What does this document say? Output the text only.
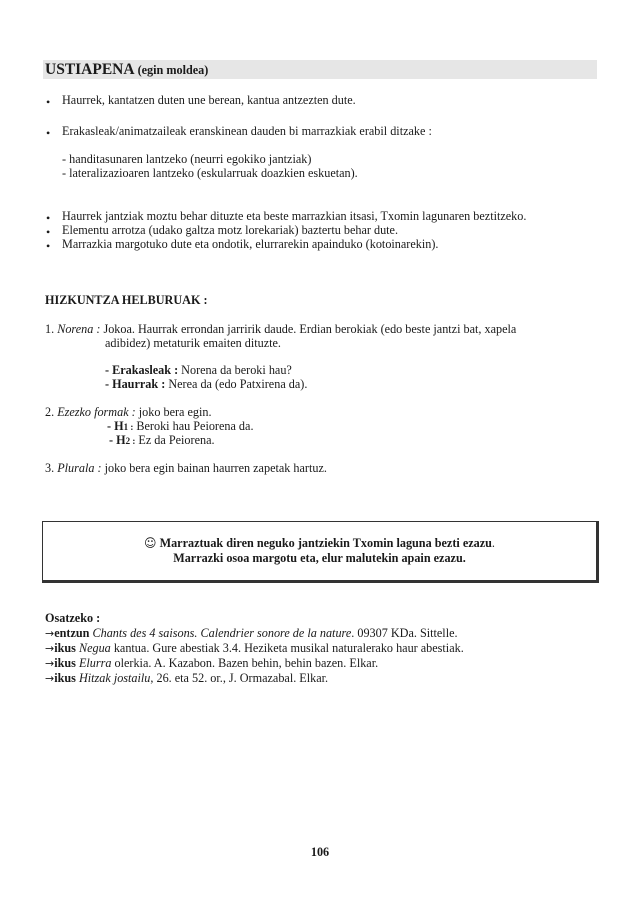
USTIAPENA (egin moldea)
• Haurrek, kantatzen duten une berean, kantua antzezten dute.
• Erakasleak/animatzaileak eranskinean dauden bi marrazkiak erabil ditzake :
- handitasunaren lantzeko (neurri egokiko jantziak)
- lateralizazioaren lantzeko (eskularruak doazkien eskuetan).
• Haurrek jantziak moztu behar dituzte eta beste marrazkian itsasi, Txomin lagunaren beztitzeko.
• Elementu arrotza (udako galtza motz lorekariak) baztertu behar dute.
• Marrazkia margotuko dute eta ondotik, elurrarekin apainduko (kotoinarekin).
HIZKUNTZA HELBURUAK :
1. Norena : Jokoa. Haurrak errondan jarririk daude. Erdian berokiak (edo beste jantzi bat, xapela
adibidez) metaturik emaiten dituzte.
- Erakasleak : Norena da beroki hau?
- Haurrak : Nerea da (edo Patxirena da).
2. Ezezko formak : joko bera egin.
- H1 : Beroki hau Peiorena da.
- H2 : Ez da Peiorena.
3. Plurala : joko bera egin bainan haurren zapetak hartuz.
☺ Marraztuak diren neguko jantziekin Txomin laguna bezti ezazu.
Marrazki osoa margotu eta, elur malutekin apain ezazu.
Osatzeko :
→entzun Chants des 4 saisons. Calendrier sonore de la nature. 09307 KDa. Sittelle.
→ikus Negua kantua. Gure abestiak 3.4. Heziketa musikal naturalerako haur abestiak.
→ikus Elurra olerkia. A. Kazabon. Bazen behin, behin bazen. Elkar.
→ikus Hitzak jostailu, 26. eta 52. or., J. Ormazabal. Elkar.
106
